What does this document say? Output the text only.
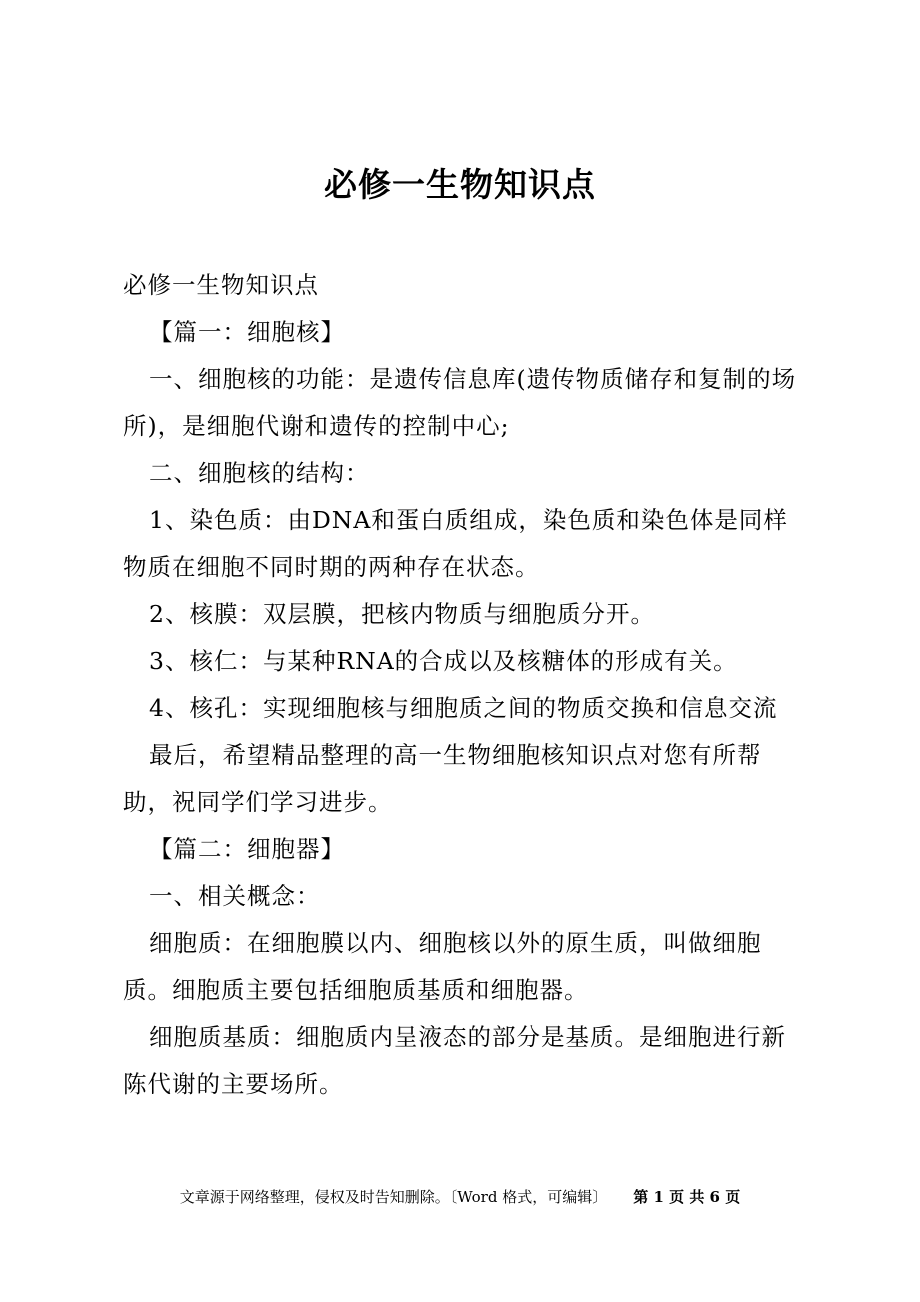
必修一生物知识点

必修一生物知识点

【篇一：细胞核】

一、细胞核的功能：是遗传信息库(遗传物质储存和复制的场所)，是细胞代谢和遗传的控制中心;

二、细胞核的结构：

1、染色质：由DNA和蛋白质组成，染色质和染色体是同样物质在细胞不同时期的两种存在状态。

2、核膜：双层膜，把核内物质与细胞质分开。

3、核仁：与某种RNA的合成以及核糖体的形成有关。

4、核孔：实现细胞核与细胞质之间的物质交换和信息交流

最后，希望精品整理的高一生物细胞核知识点对您有所帮助，祝同学们学习进步。

【篇二：细胞器】

一、相关概念：

细胞质：在细胞膜以内、细胞核以外的原生质，叫做细胞质。细胞质主要包括细胞质基质和细胞器。

细胞质基质：细胞质内呈液态的部分是基质。是细胞进行新陈代谢的主要场所。

文章源于网络整理，侵权及时告知删除。〔Word 格式，可编辑〕 第 1 页 共 6 页
